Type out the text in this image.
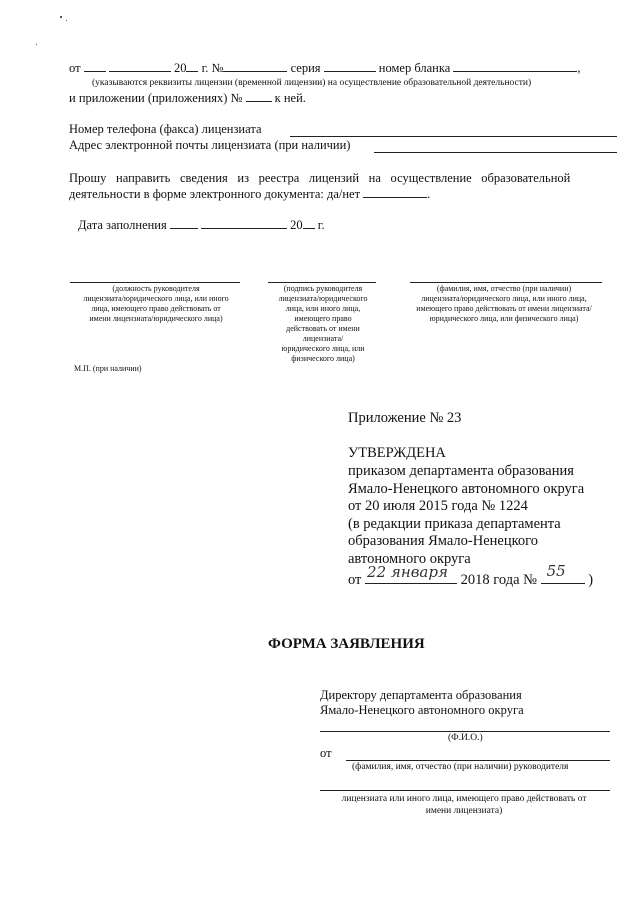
от	20 г. №	серия	номер бланка	,
(указываются реквизиты лицензии (временной лицензии) на осуществление образовательной деятельности)
и приложении (приложениях) №	к ней.
Номер телефона (факса) лицензиата
Адрес электронной почты лицензиата (при наличии)
Прошу направить сведения из реестра лицензий на осуществление образовательной
деятельности в форме электронного документа: да/нет	.
Дата заполнения	20 г.
(должность руководителя
лицензиата/юридического лица, или иного
лица, имеющего право действовать от
имени лицензиата/юридического лица)
(подпись руководителя
лицензиата/юридического
лица, или иного лица,
имеющего право
действовать от имени
лицензиата/
юридического лица, или
физического лица)
(фамилия, имя, отчество (при наличии)
лицензиата/юридического лица, или иного лица,
имеющего право действовать от имени лицензиата/
юридического лица, или физического лица)
М.П. (при наличии)
Приложение № 23
УТВЕРЖДЕНА
приказом департамента образования
Ямало-Ненецкого автономного округа
от 20 июля 2015 года № 1224
(в редакции приказа департамента
образования Ямало-Ненецкого
автономного округа
от 22 января 2018 года № 55 )
ФОРМА ЗАЯВЛЕНИЯ
Директору департамента образования
Ямало-Ненецкого автономного округа
(Ф.И.О.)
от
(фамилия, имя, отчество (при наличии) руководителя
лицензиата или иного лица, имеющего право действовать от
имени лицензиата)
